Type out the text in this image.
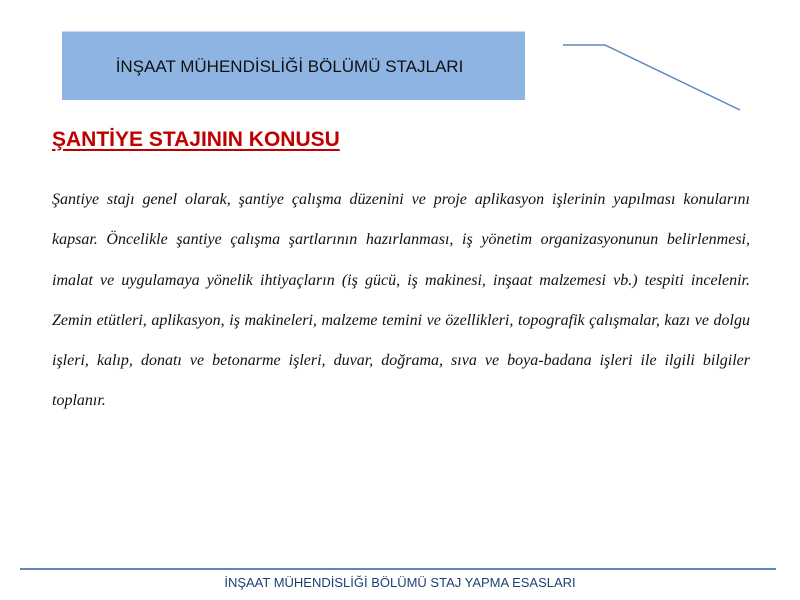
İNŞAAT MÜHENDİSLİĞİ BÖLÜMÜ STAJLARI
ŞANTİYE STAJININ KONUSU

Şantiye stajı genel olarak, şantiye çalışma düzenini ve proje aplikasyon işlerinin yapılması konularını kapsar. Öncelikle şantiye çalışma şartlarının hazırlanması, iş yönetim organizasyonunun belirlenmesi, imalat ve uygulamaya yönelik ihtiyaçların (iş gücü, iş makinesi, inşaat malzemesi vb.) tespiti incelenir. Zemin etütleri, aplikasyon, iş makineleri, malzeme temini ve özellikleri, topografik çalışmalar, kazı ve dolgu işleri, kalıp, donatı ve betonarme işleri, duvar, doğrama, sıva ve boya-badana işleri ile ilgili bilgiler toplanır.

İNŞAAT MÜHENDİSLİĞİ BÖLÜMÜ STAJ YAPMA ESASLARI
